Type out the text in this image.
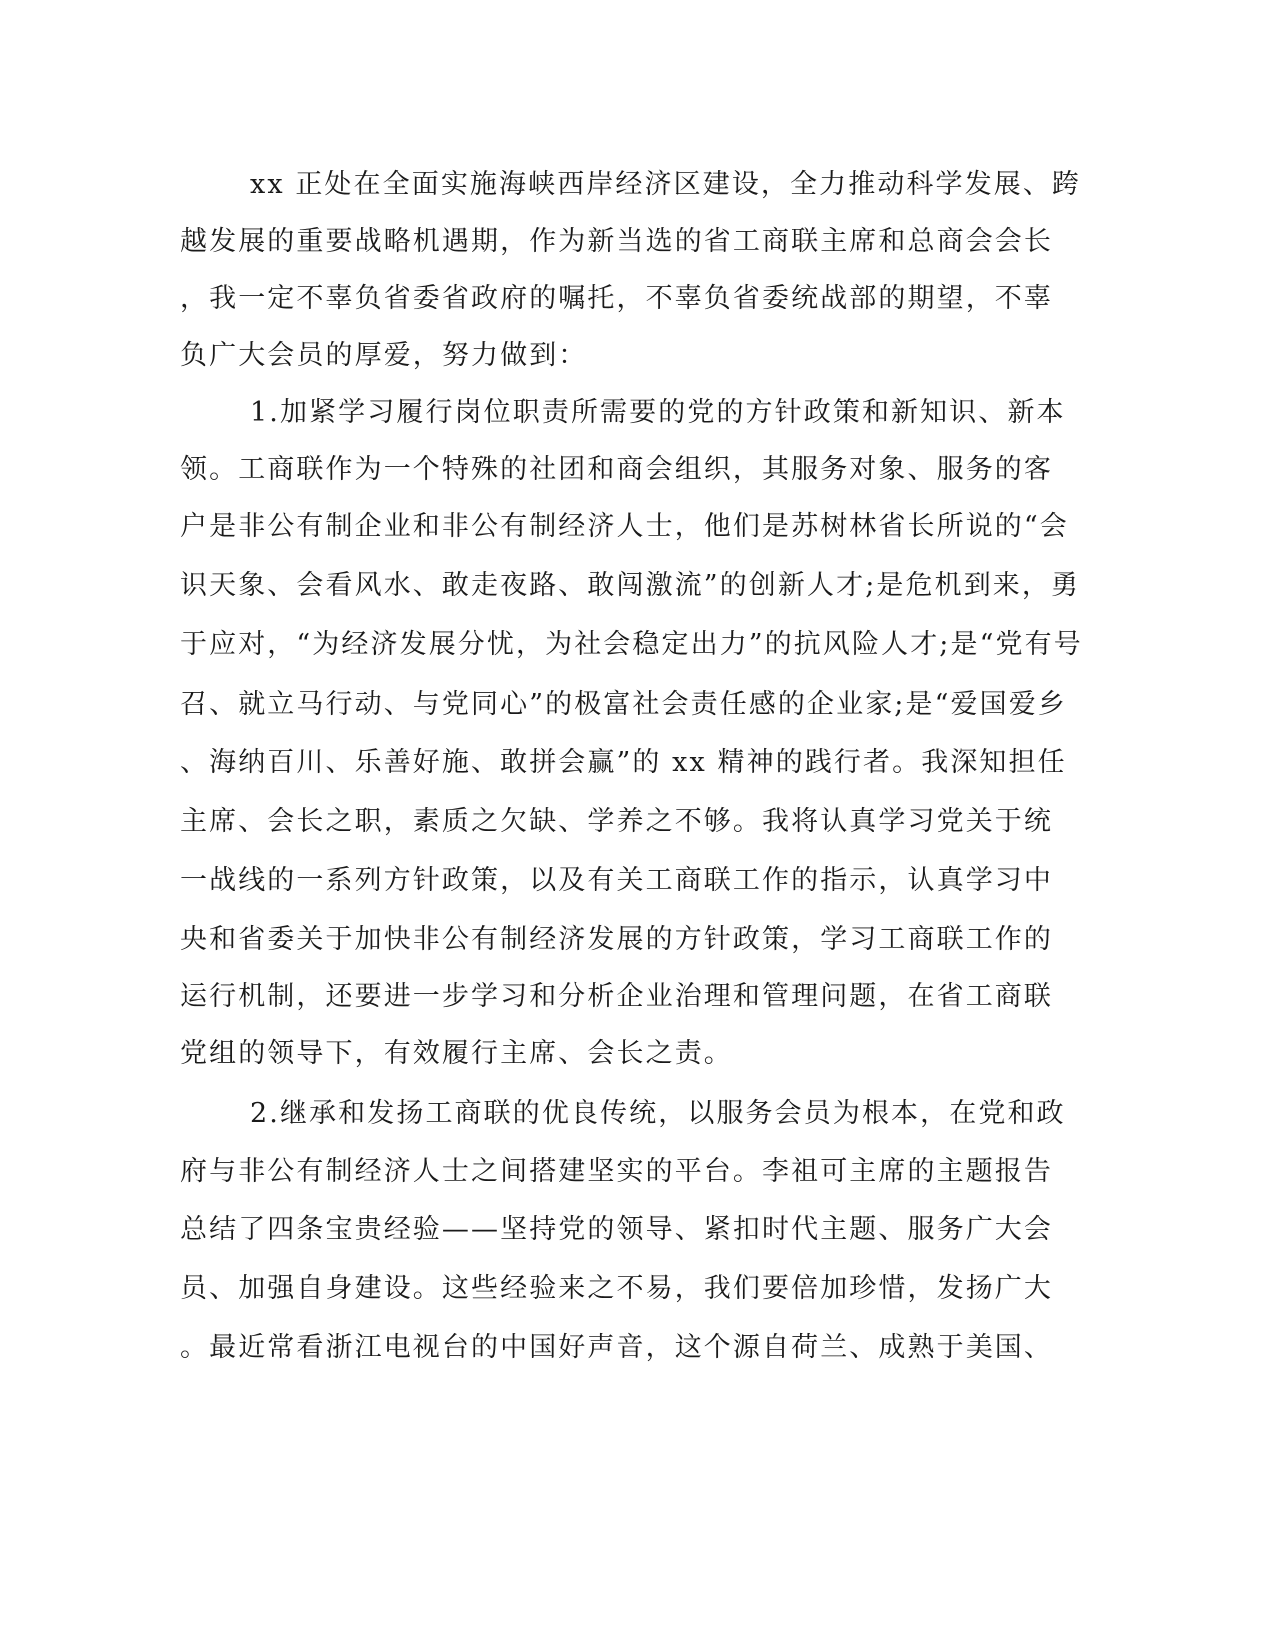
xx 正处在全面实施海峡西岸经济区建设，全力推动科学发展、跨
越发展的重要战略机遇期，作为新当选的省工商联主席和总商会会长
，我一定不辜负省委省政府的嘱托，不辜负省委统战部的期望，不辜
负广大会员的厚爱，努力做到：
1.加紧学习履行岗位职责所需要的党的方针政策和新知识、新本
领。工商联作为一个特殊的社团和商会组织，其服务对象、服务的客
户是非公有制企业和非公有制经济人士，他们是苏树林省长所说的“会
识天象、会看风水、敢走夜路、敢闯激流”的创新人才;是危机到来，勇
于应对，“为经济发展分忧，为社会稳定出力”的抗风险人才;是“党有号
召、就立马行动、与党同心”的极富社会责任感的企业家;是“爱国爱乡
、海纳百川、乐善好施、敢拼会赢”的 xx 精神的践行者。我深知担任
主席、会长之职，素质之欠缺、学养之不够。我将认真学习党关于统
一战线的一系列方针政策，以及有关工商联工作的指示，认真学习中
央和省委关于加快非公有制经济发展的方针政策，学习工商联工作的
运行机制，还要进一步学习和分析企业治理和管理问题，在省工商联
党组的领导下，有效履行主席、会长之责。
2.继承和发扬工商联的优良传统，以服务会员为根本，在党和政
府与非公有制经济人士之间搭建坚实的平台。李祖可主席的主题报告
总结了四条宝贵经验——坚持党的领导、紧扣时代主题、服务广大会
员、加强自身建设。这些经验来之不易，我们要倍加珍惜，发扬广大
。最近常看浙江电视台的中国好声音，这个源自荷兰、成熟于美国、
